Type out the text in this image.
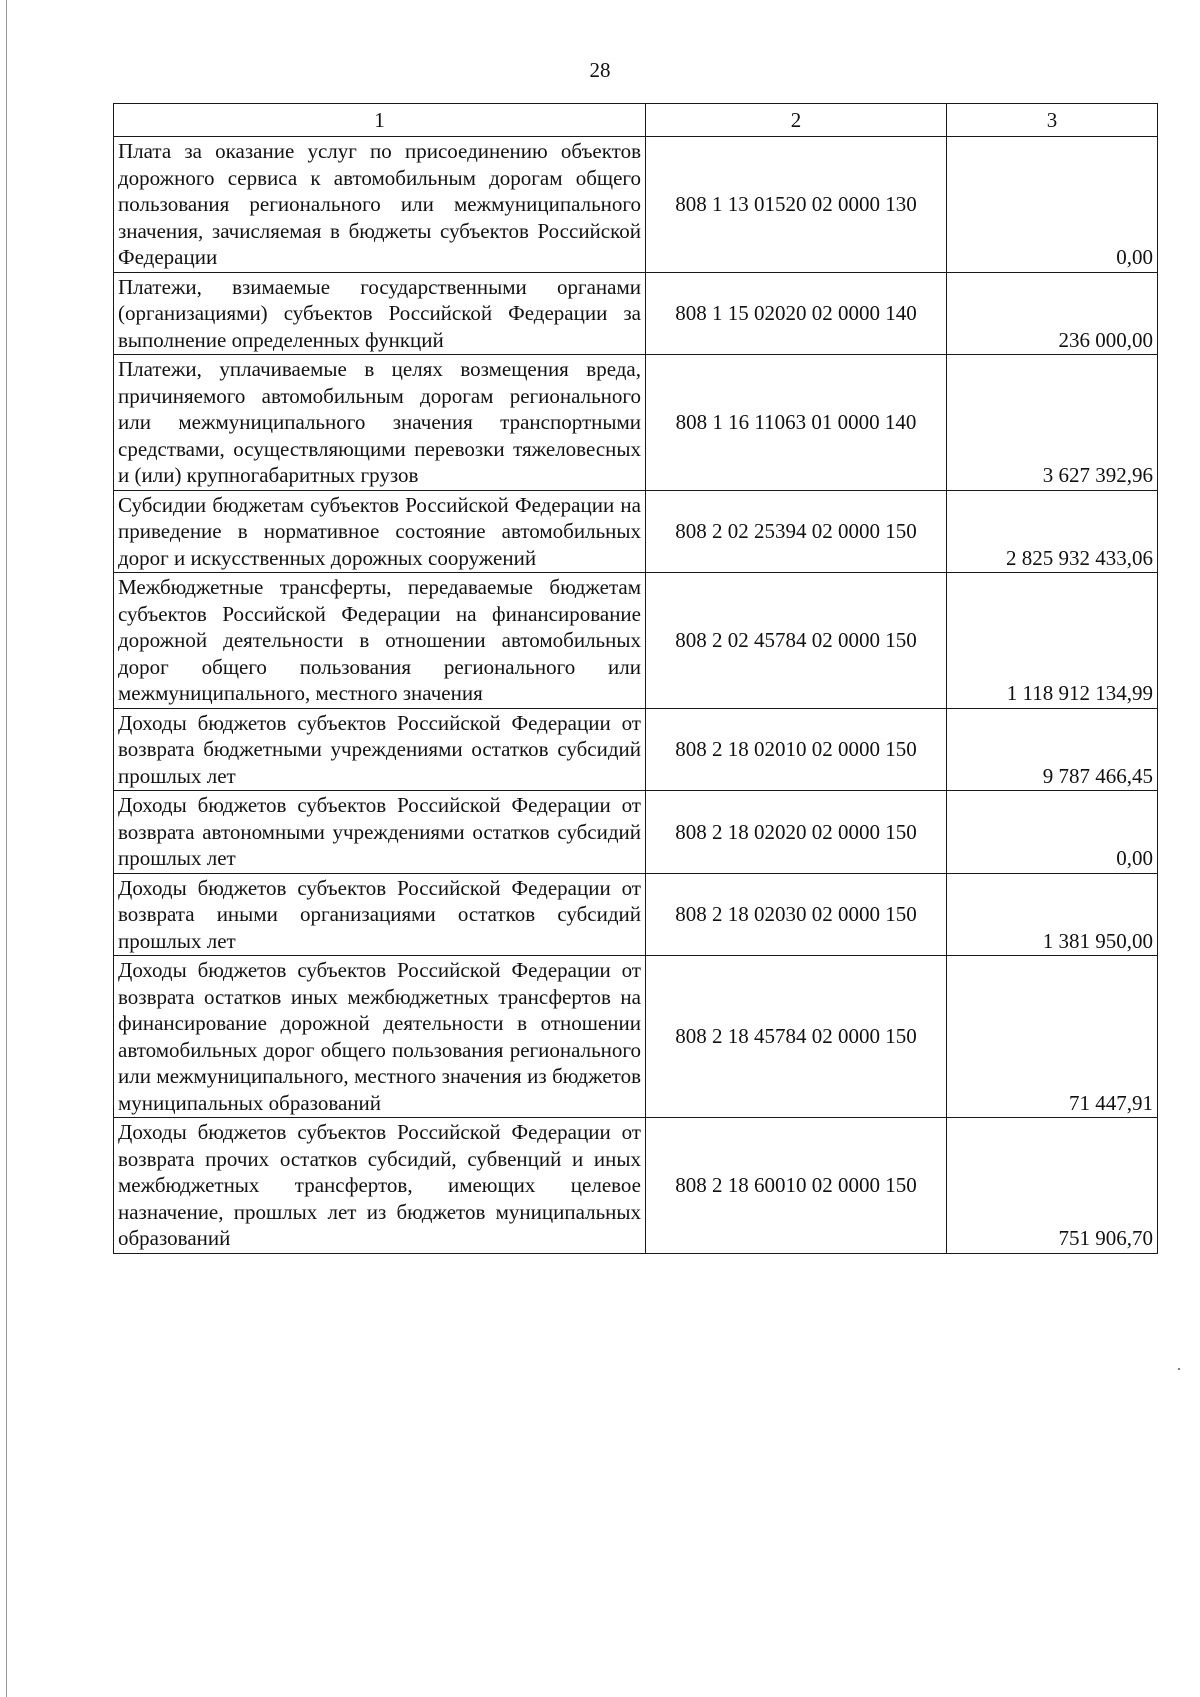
28
1	2	3
Плата за оказание услуг по присоединению объектов дорожного сервиса к автомобильным дорогам общего пользования регионального или межмуниципального значения, зачисляемая в бюджеты субъектов Российской Федерации	808 1 13 01520 02 0000 130	0,00
Платежи, взимаемые государственными органами (организациями) субъектов Российской Федерации за выполнение определенных функций	808 1 15 02020 02 0000 140	236 000,00
Платежи, уплачиваемые в целях возмещения вреда, причиняемого автомобильным дорогам регионального или межмуниципального значения транспортными средствами, осуществляющими перевозки тяжеловесных и (или) крупногабаритных грузов	808 1 16 11063 01 0000 140	3 627 392,96
Субсидии бюджетам субъектов Российской Федерации на приведение в нормативное состояние автомобильных дорог и искусственных дорожных сооружений	808 2 02 25394 02 0000 150	2 825 932 433,06
Межбюджетные трансферты, передаваемые бюджетам субъектов Российской Федерации на финансирование дорожной деятельности в отношении автомобильных дорог общего пользования регионального или межмуниципального, местного значения	808 2 02 45784 02 0000 150	1 118 912 134,99
Доходы бюджетов субъектов Российской Федерации от возврата бюджетными учреждениями остатков субсидий прошлых лет	808 2 18 02010 02 0000 150	9 787 466,45
Доходы бюджетов субъектов Российской Федерации от возврата автономными учреждениями остатков субсидий прошлых лет	808 2 18 02020 02 0000 150	0,00
Доходы бюджетов субъектов Российской Федерации от возврата иными организациями остатков субсидий прошлых лет	808 2 18 02030 02 0000 150	1 381 950,00
Доходы бюджетов субъектов Российской Федерации от возврата остатков иных межбюджетных трансфертов на финансирование дорожной деятельности в отношении автомобильных дорог общего пользования регионального или межмуниципального, местного значения из бюджетов муниципальных образований	808 2 18 45784 02 0000 150	71 447,91
Доходы бюджетов субъектов Российской Федерации от возврата прочих остатков субсидий, субвенций и иных межбюджетных трансфертов, имеющих целевое назначение, прошлых лет из бюджетов муниципальных образований	808 2 18 60010 02 0000 150	751 906,70
